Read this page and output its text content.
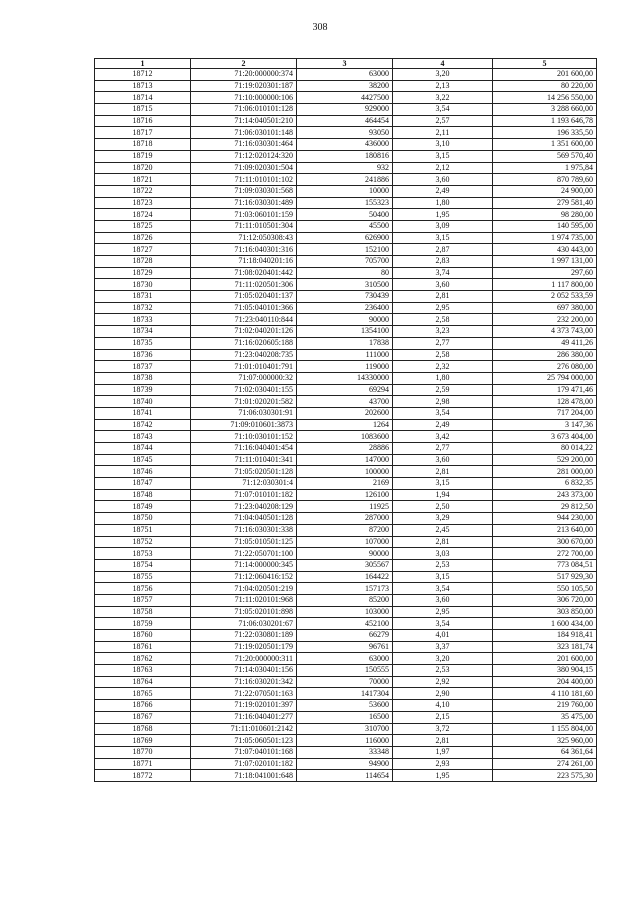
308
1	2	3	4	5
18712	71:20:000000:374	63000	3,20	201 600,00
18713	71:19:020301:187	38200	2,13	80 220,00
18714	71:10:000000:106	4427500	3,22	14 256 550,00
18715	71:06:010101:128	929000	3,54	3 288 660,00
18716	71:14:040501:210	464454	2,57	1 193 646,78
18717	71:06:030101:148	93050	2,11	196 335,50
18718	71:16:030301:464	436000	3,10	1 351 600,00
18719	71:12:020124:320	180816	3,15	569 570,40
18720	71:09:020301:504	932	2,12	1 975,84
18721	71:11:010101:102	241886	3,60	870 789,60
18722	71:09:030301:568	10000	2,49	24 900,00
18723	71:16:030301:489	155323	1,80	279 581,40
18724	71:03:060101:159	50400	1,95	98 280,00
18725	71:11:010501:304	45500	3,09	140 595,00
18726	71:12:050308:43	626900	3,15	1 974 735,00
18727	71:16:040301:316	152100	2,87	430 443,00
18728	71:18:040201:16	705700	2,83	1 997 131,00
18729	71:08:020401:442	80	3,74	297,60
18730	71:11:020501:306	310500	3,60	1 117 800,00
18731	71:05:020401:137	730439	2,81	2 052 533,59
18732	71:05:040101:366	236400	2,95	697 380,00
18733	71:23:040110:844	90000	2,58	232 200,00
18734	71:02:040201:126	1354100	3,23	4 373 743,00
18735	71:16:020605:188	17838	2,77	49 411,26
18736	71:23:040208:735	111000	2,58	286 380,00
18737	71:01:010401:791	119000	2,32	276 080,00
18738	71:07:000000:32	14330000	1,80	25 794 000,00
18739	71:02:030401:155	69294	2,59	179 471,46
18740	71:01:020201:582	43700	2,98	128 478,00
18741	71:06:030301:91	202600	3,54	717 204,00
18742	71:09:010601:3873	1264	2,49	3 147,36
18743	71:10:030101:152	1083600	3,42	3 673 404,00
18744	71:16:040401:454	28886	2,77	80 014,22
18745	71:11:010401:341	147000	3,60	529 200,00
18746	71:05:020501:128	100000	2,81	281 000,00
18747	71:12:030301:4	2169	3,15	6 832,35
18748	71:07:010101:182	126100	1,94	243 373,00
18749	71:23:040208:129	11925	2,50	29 812,50
18750	71:04:040501:128	287000	3,29	944 230,00
18751	71:16:030301:338	87200	2,45	213 640,00
18752	71:05:010501:125	107000	2,81	300 670,00
18753	71:22:050701:100	90000	3,03	272 700,00
18754	71:14:000000:345	305567	2,53	773 084,51
18755	71:12:060416:152	164422	3,15	517 929,30
18756	71:04:020501:219	157173	3,54	550 105,50
18757	71:11:020101:968	85200	3,60	306 720,00
18758	71:05:020101:898	103000	2,95	303 850,00
18759	71:06:030201:67	452100	3,54	1 600 434,00
18760	71:22:030801:189	66279	4,01	184 918,41
18761	71:19:020501:179	96761	3,37	323 181,74
18762	71:20:000000:311	63000	3,20	201 600,00
18763	71:14:030401:156	150555	2,53	380 904,15
18764	71:16:030201:342	70000	2,92	204 400,00
18765	71:22:070501:163	1417304	2,90	4 110 181,60
18766	71:19:020101:397	53600	4,10	219 760,00
18767	71:16:040401:277	16500	2,15	35 475,00
18768	71:11:010601:2142	310700	3,72	1 155 804,00
18769	71:05:060501:123	116000	2,81	325 960,00
18770	71:07:040101:168	33348	1,97	64 361,64
18771	71:07:020101:182	94900	2,93	274 261,00
18772	71:18:041001:648	114654	1,95	223 575,30
